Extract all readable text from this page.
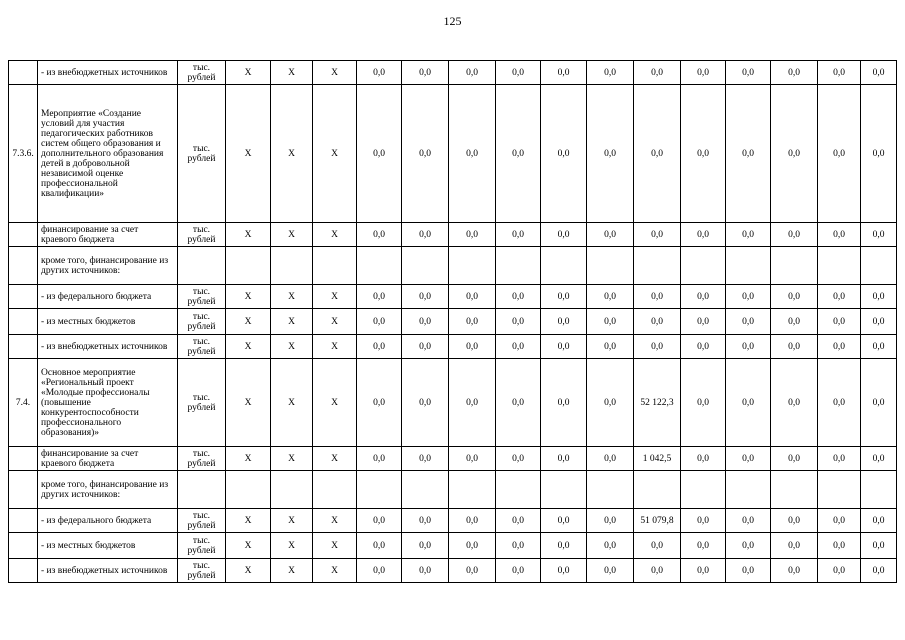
125
	- из внебюджетных источников	тыс. рублей	X	X	X	0,0	0,0	0,0	0,0	0,0	0,0	0,0	0,0	0,0	0,0	0,0	0,0
7.3.6.	Мероприятие «Создание условий для участия педагогических работников систем общего образования и дополнительного образования детей в добровольной независимой оценке профессиональной квалификации»	тыс. рублей	X	X	X	0,0	0,0	0,0	0,0	0,0	0,0	0,0	0,0	0,0	0,0	0,0	0,0
	финансирование за счет краевого бюджета	тыс. рублей	X	X	X	0,0	0,0	0,0	0,0	0,0	0,0	0,0	0,0	0,0	0,0	0,0	0,0
	кроме того, финансирование из других источников:																
	- из федерального бюджета	тыс. рублей	X	X	X	0,0	0,0	0,0	0,0	0,0	0,0	0,0	0,0	0,0	0,0	0,0	0,0
	- из местных бюджетов	тыс. рублей	X	X	X	0,0	0,0	0,0	0,0	0,0	0,0	0,0	0,0	0,0	0,0	0,0	0,0
	- из внебюджетных источников	тыс. рублей	X	X	X	0,0	0,0	0,0	0,0	0,0	0,0	0,0	0,0	0,0	0,0	0,0	0,0
7.4.	Основное мероприятие «Региональный проект «Молодые профессионалы (повышение конкурентоспособности профессионального образования)»	тыс. рублей	X	X	X	0,0	0,0	0,0	0,0	0,0	0,0	52 122,3	0,0	0,0	0,0	0,0	0,0
	финансирование за счет краевого бюджета	тыс. рублей	X	X	X	0,0	0,0	0,0	0,0	0,0	0,0	1 042,5	0,0	0,0	0,0	0,0	0,0
	кроме того, финансирование из других источников:																
	- из федерального бюджета	тыс. рублей	X	X	X	0,0	0,0	0,0	0,0	0,0	0,0	51 079,8	0,0	0,0	0,0	0,0	0,0
	- из местных бюджетов	тыс. рублей	X	X	X	0,0	0,0	0,0	0,0	0,0	0,0	0,0	0,0	0,0	0,0	0,0	0,0
	- из внебюджетных источников	тыс. рублей	X	X	X	0,0	0,0	0,0	0,0	0,0	0,0	0,0	0,0	0,0	0,0	0,0	0,0
